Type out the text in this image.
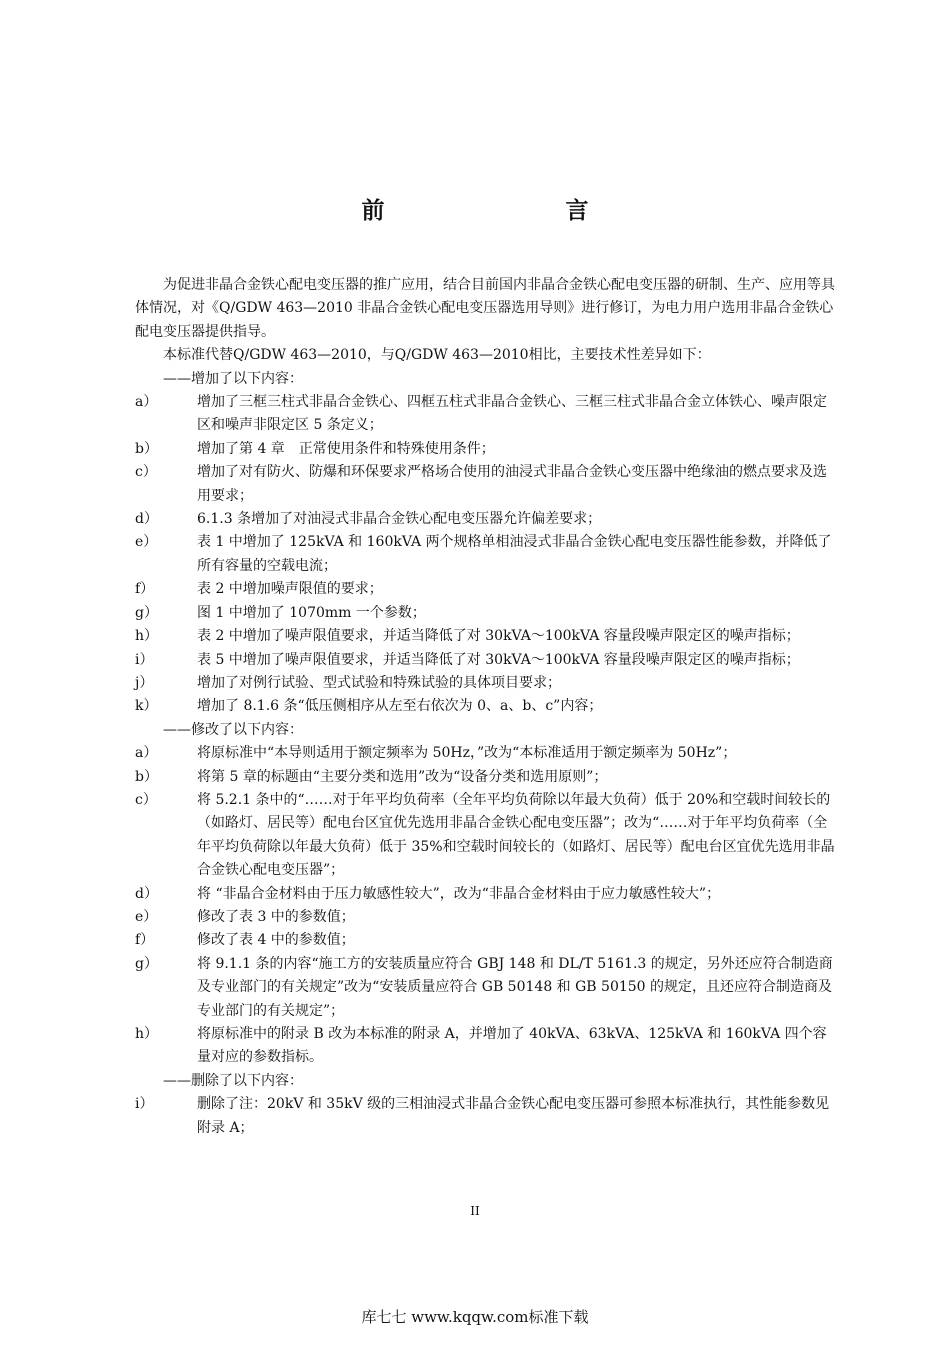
前　　言

为促进非晶合金铁心配电变压器的推广应用，结合目前国内非晶合金铁心配电变压器的研制、生产、应用等具体情况，对《Q/GDW 463—2010 非晶合金铁心配电变压器选用导则》进行修订，为电力用户选用非晶合金铁心配电变压器提供指导。

本标准代替Q/GDW 463—2010，与Q/GDW 463—2010相比，主要技术性差异如下：

——增加了以下内容：

a）	增加了三框三柱式非晶合金铁心、四框五柱式非晶合金铁心、三框三柱式非晶合金立体铁心、噪声限定区和噪声非限定区 5 条定义；
b）	增加了第 4 章　正常使用条件和特殊使用条件；
c）	增加了对有防火、防爆和环保要求严格场合使用的油浸式非晶合金铁心变压器中绝缘油的燃点要求及选用要求；
d）	6.1.3 条增加了对油浸式非晶合金铁心配电变压器允许偏差要求；
e）	表 1 中增加了 125kVA 和 160kVA 两个规格单相油浸式非晶合金铁心配电变压器性能参数，并降低了所有容量的空载电流；
f）	表 2 中增加噪声限值的要求；
g）	图 1 中增加了 1070mm 一个参数；
h）	表 2 中增加了噪声限值要求，并适当降低了对 30kVA～100kVA 容量段噪声限定区的噪声指标；
i）	表 5 中增加了噪声限值要求，并适当降低了对 30kVA～100kVA 容量段噪声限定区的噪声指标；
j）	增加了对例行试验、型式试验和特殊试验的具体项目要求；
k）	增加了 8.1.6 条“低压侧相序从左至右依次为 0、a、b、c”内容；

——修改了以下内容：

a）	将原标准中“本导则适用于额定频率为 50Hz，”改为“本标准适用于额定频率为 50Hz”；
b）	将第 5 章的标题由“主要分类和选用”改为“设备分类和选用原则”；
c）	将 5.2.1 条中的“……对于年平均负荷率（全年平均负荷除以年最大负荷）低于 20%和空载时间较长的（如路灯、居民等）配电台区宜优先选用非晶合金铁心配电变压器”；改为“……对于年平均负荷率（全年平均负荷除以年最大负荷）低于 35%和空载时间较长的（如路灯、居民等）配电台区宜优先选用非晶合金铁心配电变压器”；
d）	将 “非晶合金材料由于压力敏感性较大”，改为“非晶合金材料由于应力敏感性较大”；
e）	修改了表 3 中的参数值；
f）	修改了表 4 中的参数值；
g）	将 9.1.1 条的内容“施工方的安装质量应符合 GBJ 148 和 DL/T 5161.3 的规定，另外还应符合制造商及专业部门的有关规定”改为“安装质量应符合 GB 50148 和 GB 50150 的规定，且还应符合制造商及专业部门的有关规定”；
h）	将原标准中的附录 B 改为本标准的附录 A，并增加了 40kVA、63kVA、125kVA 和 160kVA 四个容量对应的参数指标。

——删除了以下内容：

i）	删除了注：20kV 和 35kV 级的三相油浸式非晶合金铁心配电变压器可参照本标准执行，其性能参数见附录 A；
II
库七七 www.kqqw.com标准下载
